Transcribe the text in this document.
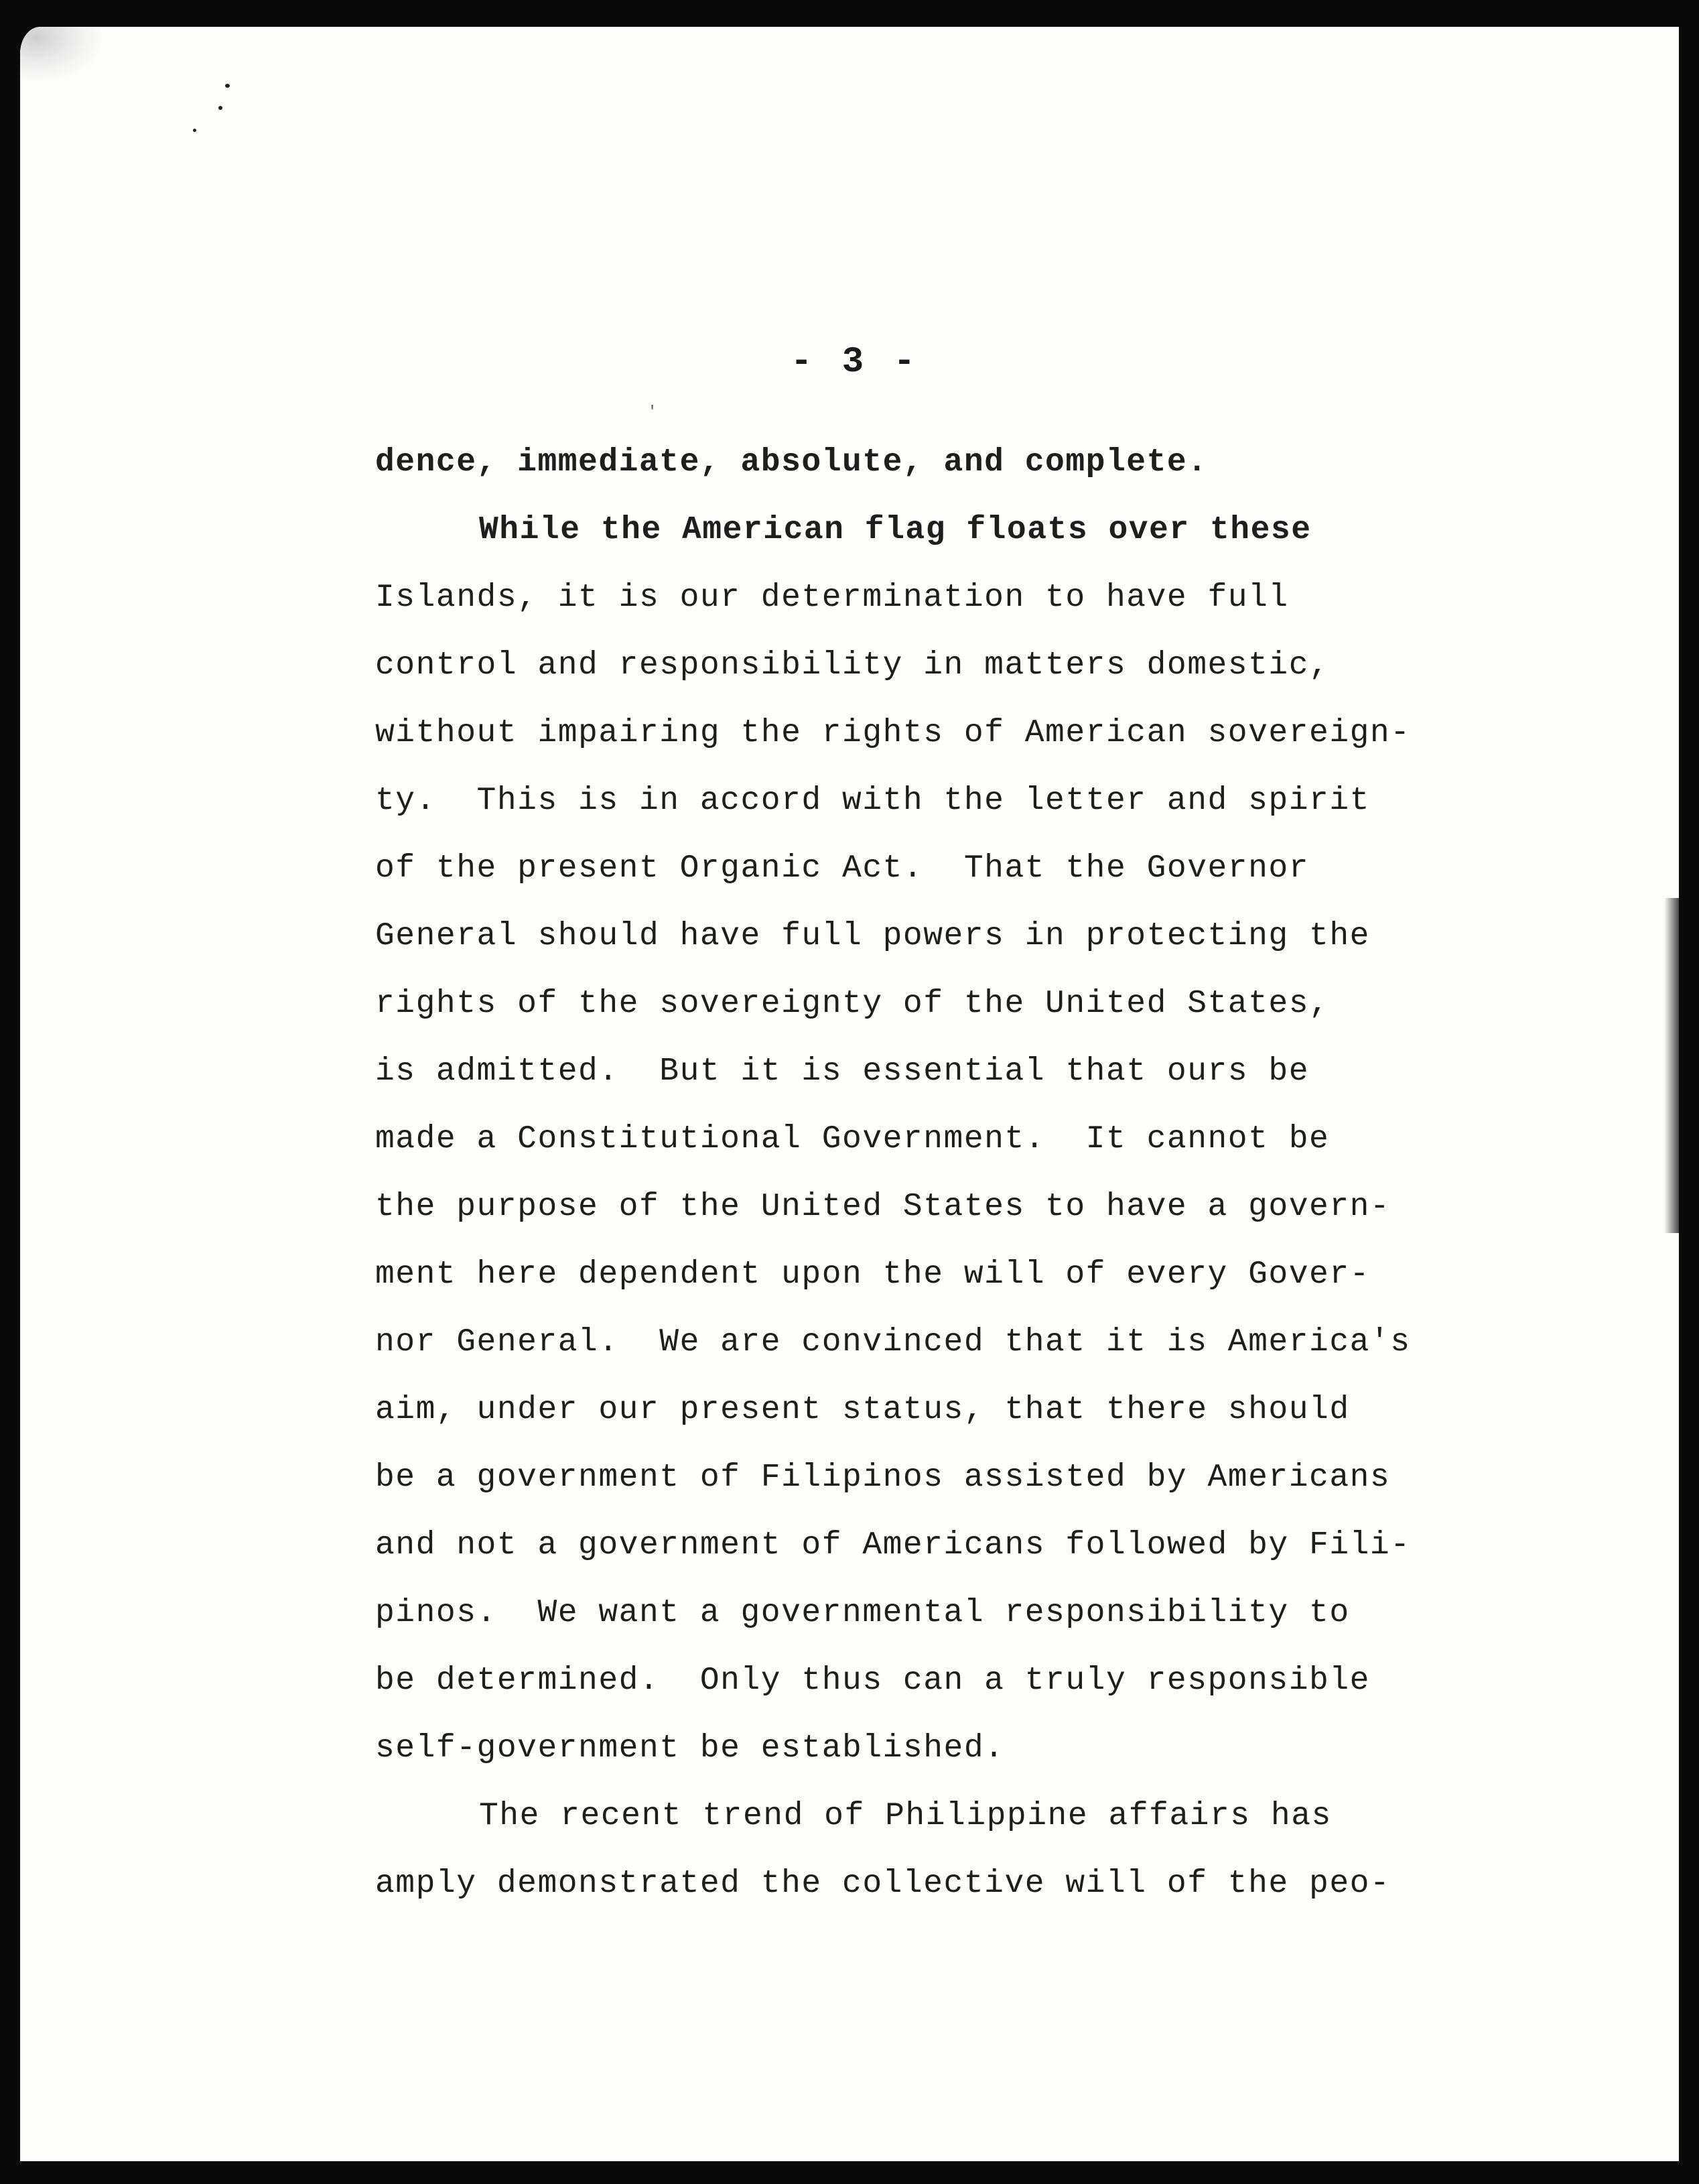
- 3 -
'
dence, immediate, absolute, and complete.
While the American flag floats over these
Islands, it is our determination to have full
control and responsibility in matters domestic,
without impairing the rights of American sovereign-
ty.  This is in accord with the letter and spirit
of the present Organic Act.  That the Governor
General should have full powers in protecting the
rights of the sovereignty of the United States,
is admitted.  But it is essential that ours be
made a Constitutional Government.  It cannot be
the purpose of the United States to have a govern-
ment here dependent upon the will of every Gover-
nor General.  We are convinced that it is America's
aim, under our present status, that there should
be a government of Filipinos assisted by Americans
and not a government of Americans followed by Fili-
pinos.  We want a governmental responsibility to
be determined.  Only thus can a truly responsible
self-government be established.
The recent trend of Philippine affairs has
amply demonstrated the collective will of the peo-
